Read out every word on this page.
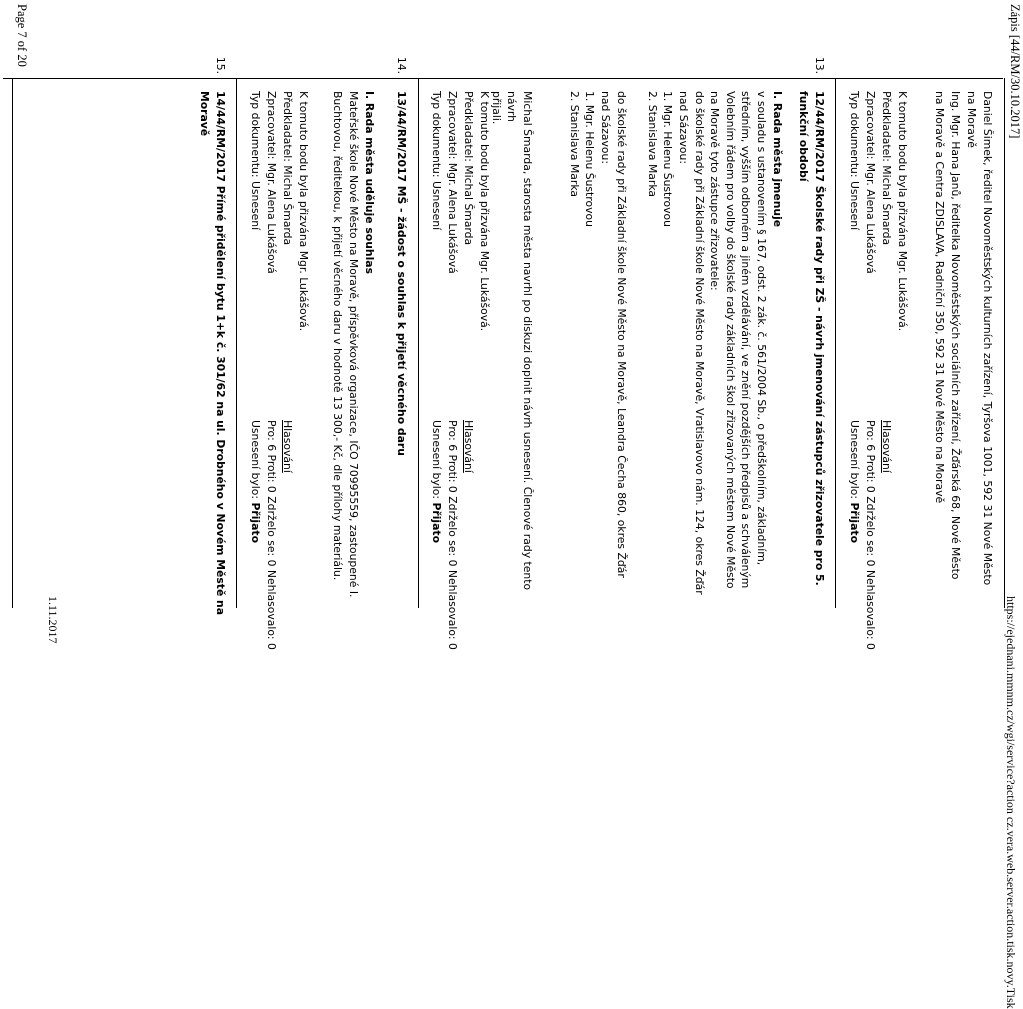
Zápis [44/RM/30.10.2017]
Page 7 of 20
Daniel Šimek, ředitel Novoměstských kulturních zařízení, Tyršova 1001, 592 31 Nové Město
na Moravě
Ing. Mgr. Hana Janů, ředitelka Novoměstských sociálních zařízení, Žďárská 68, Nové Město
na Moravě a Centra ZDISLAVA, Radniční 350, 592 31 Nové Město na Moravě
K tomuto bodu byla přizvána Mgr. Lukášová.
Předkladatel: Michal Šmarda
Hlasování
Zpracovatel: Mgr. Alena Lukášová
Pro: 6 Proti: 0 Zdrželo se: 0 Nehlasovalo: 0
Typ dokumentu: Usnesení
Usnesení bylo: Přijato
13.
12/44/RM/2017 Školské rady při ZŠ - návrh jmenování zástupců zřizovatele pro 5.
funkční období
I. Rada města jmenuje
v souladu s ustanovením § 167, odst. 2 zák. č. 561/2004 Sb., o předškolním, základním,
středním, vyšším odborném a jiném vzdělávání, ve znění pozdějších předpisů a schváleným
Volebním řádem pro volby do školské rady základních škol zřizovaných městem Nové Město
na Moravě tyto zástupce zřizovatele:
do školské rady při Základní škole Nové Město na Moravě, Vratislavovo nám. 124, okres Žďár
nad Sázavou:
1. Mgr. Helenu Šustrovou
2. Stanislava Marka

do školské rady při Základní škole Nové Město na Moravě, Leandra Čecha 860, okres Žďár
nad Sázavou:
1. Mgr. Helenu Šustrovou
2. Stanislava Marka
Michal Šmarda, starosta města navrhl po diskuzi doplnit návrh usnesení. Členové rady tento návrh
přijali.
K tomuto bodu byla přizvána Mgr. Lukášová.
Předkladatel: Michal Šmarda
Hlasování
Zpracovatel: Mgr. Alena Lukášová
Pro: 6 Proti: 0 Zdrželo se: 0 Nehlasovalo: 0
Typ dokumentu: Usnesení
Usnesení bylo: Přijato
14.
13/44/RM/2017 MŠ - žádost o souhlas k přijetí věcného daru
I. Rada města uděluje souhlas
Mateřské škole Nové Město na Moravě, příspěvková organizace, IČO 70995559, zastoupené I.
Buchtovou, ředitelkou, k přijetí věcného daru v hodnotě 13 300,- Kč, dle přílohy materiálu.
K tomuto bodu byla přizvána Mgr. Lukášová.
Předkladatel: Michal Šmarda
Hlasování
Zpracovatel: Mgr. Alena Lukášová
Pro: 6 Proti: 0 Zdrželo se: 0 Nehlasovalo: 0
Typ dokumentu: Usnesení
Usnesení bylo: Přijato
15.
14/44/RM/2017 Přímé přidělení bytu 1+k č. 301/62 na ul. Drobného v Novém Městě na
Moravě
https://ejednani.mmnm.cz/wgi/service?action cz.vera.web.server.action.tisk.novy.Tisk
1.11.2017
